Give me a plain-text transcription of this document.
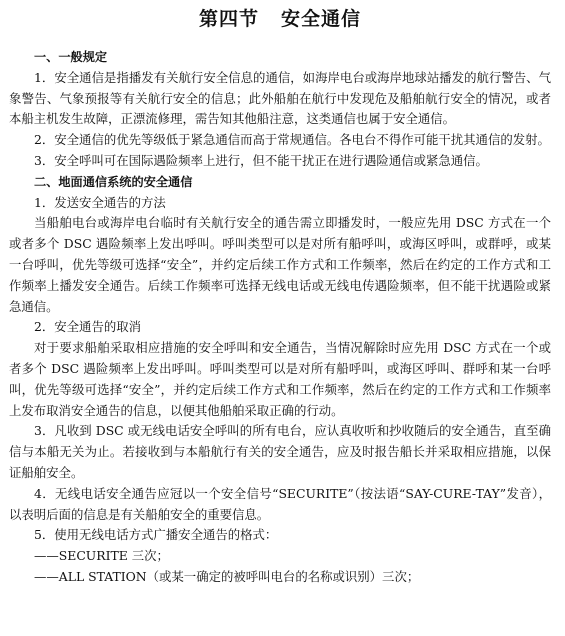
第四节 安全通信

一、一般规定

1．安全通信是指播发有关航行安全信息的通信，如海岸电台或海岸地球站播发的航行警告、气象警告、气象预报等有关航行安全的信息；此外船舶在航行中发现危及船舶航行安全的情况，或者本船主机发生故障，正漂流修理，需告知其他船注意，这类通信也属于安全通信。

2．安全通信的优先等级低于紧急通信而高于常规通信。各电台不得作可能干扰其通信的发射。

3．安全呼叫可在国际遇险频率上进行，但不能干扰正在进行遇险通信或紧急通信。

二、地面通信系统的安全通信

1．发送安全通告的方法

当船舶电台或海岸电台临时有关航行安全的通告需立即播发时，一般应先用 DSC 方式在一个或者多个 DSC 遇险频率上发出呼叫。呼叫类型可以是对所有船呼叫，或海区呼叫，或群呼，或某一台呼叫，优先等级可选择“安全”，并约定后续工作方式和工作频率，然后在约定的工作方式和工作频率上播发安全通告。后续工作频率可选择无线电话或无线电传遇险频率，但不能干扰遇险或紧急通信。

2．安全通告的取消

对于要求船舶采取相应措施的安全呼叫和安全通告，当情况解除时应先用 DSC 方式在一个或者多个 DSC 遇险频率上发出呼叫。呼叫类型可以是对所有船呼叫，或海区呼叫、群呼和某一台呼叫，优先等级可选择“安全”，并约定后续工作方式和工作频率，然后在约定的工作方式和工作频率上发布取消安全通告的信息，以便其他船舶采取正确的行动。

3．凡收到 DSC 或无线电话安全呼叫的所有电台，应认真收听和抄收随后的安全通告，直至确信与本船无关为止。若接收到与本船航行有关的安全通告，应及时报告船长并采取相应措施，以保证船舶安全。

4．无线电话安全通告应冠以一个安全信号“SECURITE”（按法语“SAY-CURE-TAY”发音），以表明后面的信息是有关船舶安全的重要信息。

5．使用无线电话方式广播安全通告的格式：

——SECURITE 三次；

——ALL STATION（或某一确定的被呼叫电台的名称或识别）三次；
